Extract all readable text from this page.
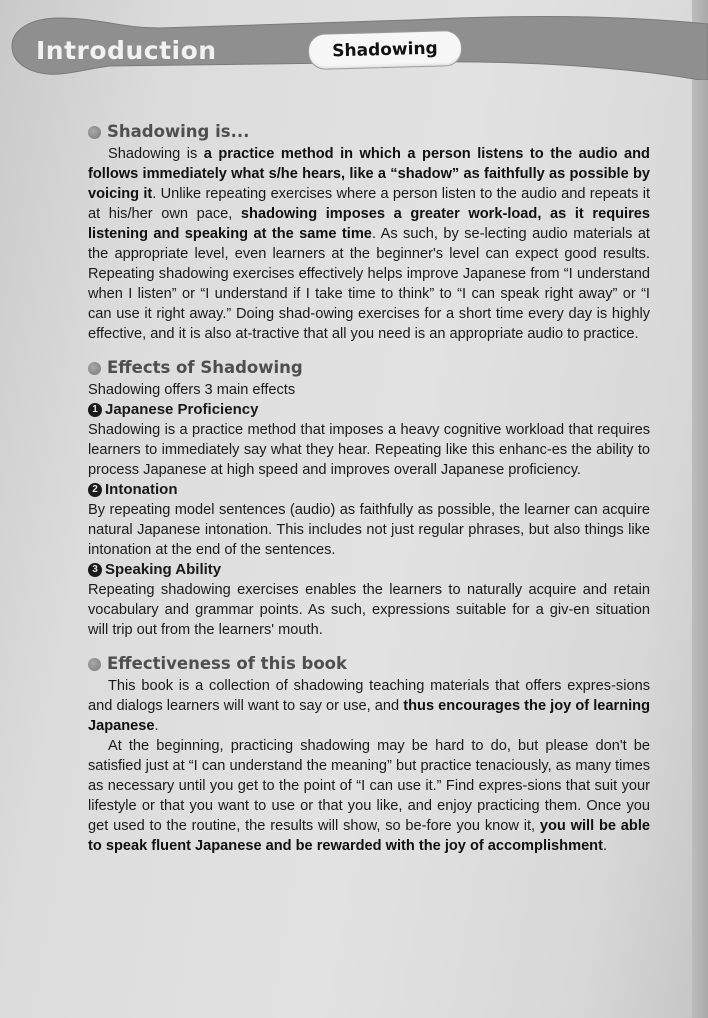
Introduction	Shadowing
Shadowing is...

Shadowing is a practice method in which a person listens to the audio and follows immediately what s/he hears, like a “shadow” as faithfully as possible by voicing it. Unlike repeating exercises where a person listen to the audio and repeats it at his/her own pace, shadowing imposes a greater work-load, as it requires listening and speaking at the same time. As such, by se-lecting audio materials at the appropriate level, even learners at the beginner's level can expect good results. Repeating shadowing exercises effectively helps improve Japanese from “I understand when I listen” or “I understand if I take time to think” to “I can speak right away” or “I can use it right away.” Doing shad-owing exercises for a short time every day is highly effective, and it is also at-tractive that all you need is an appropriate audio to practice.

Effects of Shadowing

Shadowing offers 3 main effects

1 Japanese Proficiency

Shadowing is a practice method that imposes a heavy cognitive workload that requires learners to immediately say what they hear. Repeating like this enhanc-es the ability to process Japanese at high speed and improves overall Japanese proficiency.

2 Intonation

By repeating model sentences (audio) as faithfully as possible, the learner can acquire natural Japanese intonation. This includes not just regular phrases, but also things like intonation at the end of the sentences.

3 Speaking Ability

Repeating shadowing exercises enables the learners to naturally acquire and retain vocabulary and grammar points. As such, expressions suitable for a giv-en situation will trip out from the learners' mouth.

Effectiveness of this book

This book is a collection of shadowing teaching materials that offers expres-sions and dialogs learners will want to say or use, and thus encourages the joy of learning Japanese.

At the beginning, practicing shadowing may be hard to do, but please don't be satisfied just at “I can understand the meaning” but practice tenaciously, as many times as necessary until you get to the point of “I can use it.” Find expres-sions that suit your lifestyle or that you want to use or that you like, and enjoy practicing them. Once you get used to the routine, the results will show, so be-fore you know it, you will be able to speak fluent Japanese and be rewarded with the joy of accomplishment.
